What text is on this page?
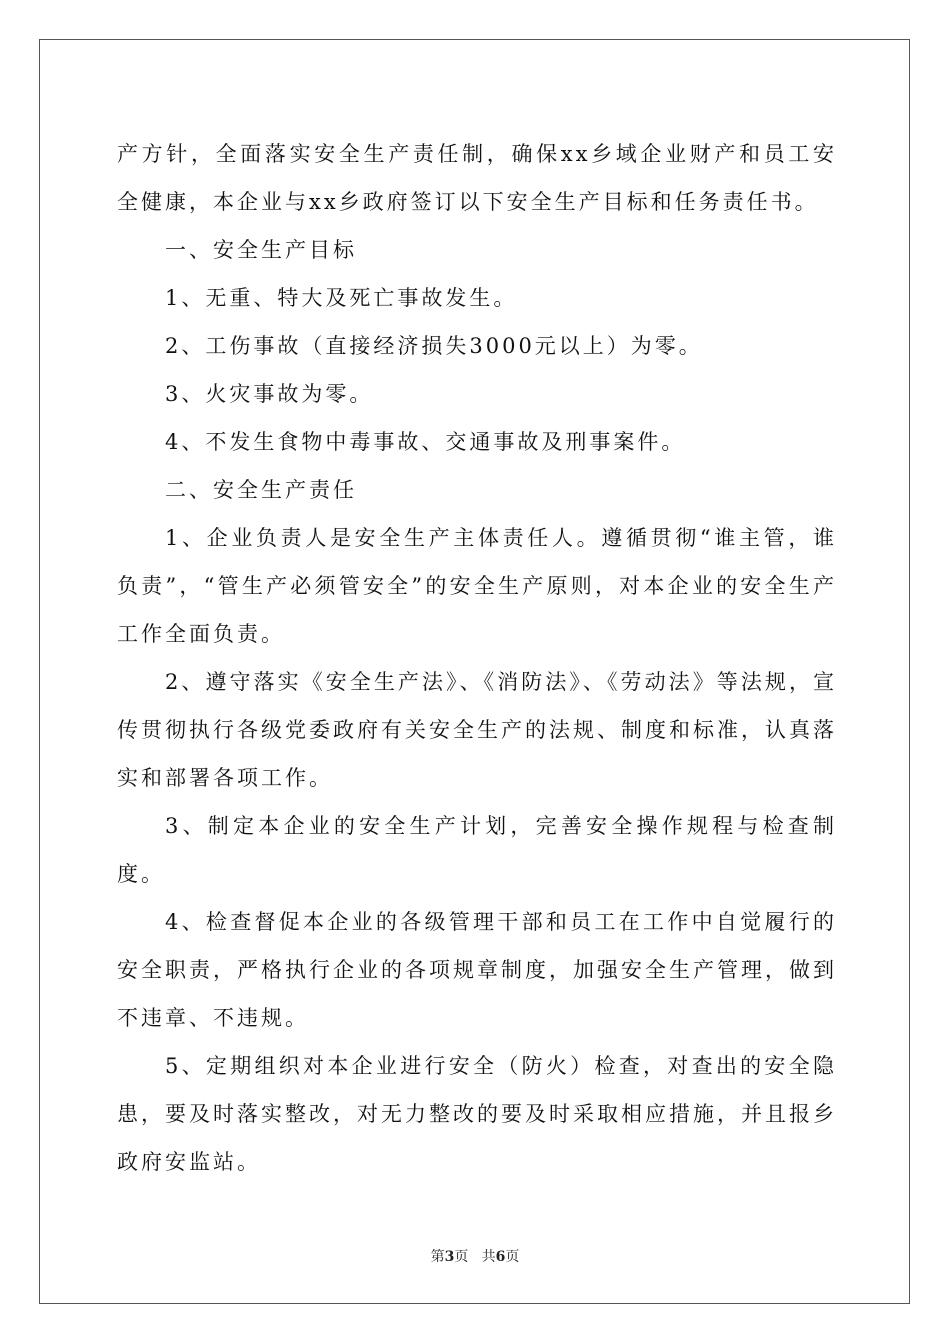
产方针，全面落实安全生产责任制，确保xx乡域企业财产和员工安全健康，本企业与xx乡政府签订以下安全生产目标和任务责任书。

一、安全生产目标

1、无重、特大及死亡事故发生。

2、工伤事故（直接经济损失3000元以上）为零。

3、火灾事故为零。

4、不发生食物中毒事故、交通事故及刑事案件。

二、安全生产责任

1、企业负责人是安全生产主体责任人。遵循贯彻“谁主管，谁负责”，“管生产必须管安全”的安全生产原则，对本企业的安全生产工作全面负责。

2、遵守落实《安全生产法》、《消防法》、《劳动法》等法规，宣传贯彻执行各级党委政府有关安全生产的法规、制度和标准，认真落实和部署各项工作。

3、制定本企业的安全生产计划，完善安全操作规程与检查制度。

4、检查督促本企业的各级管理干部和员工在工作中自觉履行的安全职责，严格执行企业的各项规章制度，加强安全生产管理，做到不违章、不违规。

5、定期组织对本企业进行安全（防火）检查，对查出的安全隐患，要及时落实整改，对无力整改的要及时采取相应措施，并且报乡政府安监站。

第3页 共6页
